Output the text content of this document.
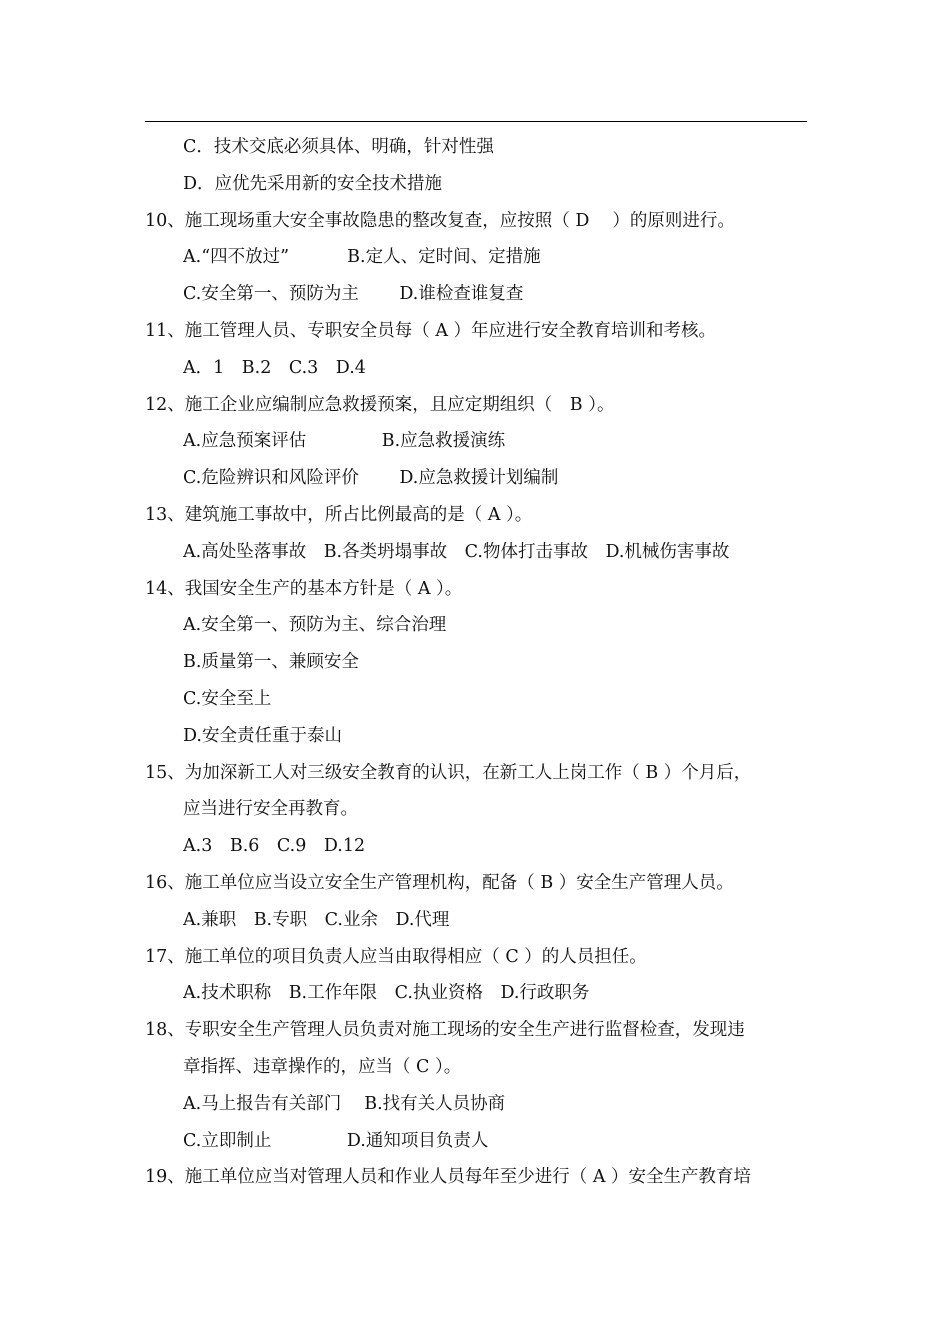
C．技术交底必须具体、明确，针对性强
D．应优先采用新的安全技术措施
10、施工现场重大安全事故隐患的整改复查，应按照（ D　 ）的原则进行。
A.“四不放过”　　　 B.定人、定时间、定措施
C.安全第一、预防为主　 　D.谁检查谁复查
11、施工管理人员、专职安全员每（ A ）年应进行安全教育培训和考核。
A．1　B.2　C.3　D.4
12、施工企业应编制应急救援预案，且应定期组织（　B ）。
A.应急预案评估　 　　　B.应急救援演练
C.危险辨识和风险评价 　　D.应急救援计划编制
13、建筑施工事故中，所占比例最高的是（ A ）。
A.高处坠落事故　B.各类坍塌事故　C.物体打击事故　D.机械伤害事故
14、我国安全生产的基本方针是（ A ）。
A.安全第一、预防为主、综合治理
B.质量第一、兼顾安全
C.安全至上
D.安全责任重于泰山
15、为加深新工人对三级安全教育的认识，在新工人上岗工作（ B ）个月后，
应当进行安全再教育。
A.3　B.6　C.9　D.12
16、施工单位应当设立安全生产管理机构，配备（ B ）安全生产管理人员。
A.兼职　B.专职　C.业余　D.代理
17、施工单位的项目负责人应当由取得相应（ C ）的人员担任。
A.技术职称　B.工作年限　C.执业资格　D.行政职务
18、专职安全生产管理人员负责对施工现场的安全生产进行监督检查，发现违
章指挥、违章操作的，应当（ C ）。
A.马上报告有关部门　 B.找有关人员协商
C.立即制止　　　　 D.通知项目负责人
19、施工单位应当对管理人员和作业人员每年至少进行（ A ）安全生产教育培
